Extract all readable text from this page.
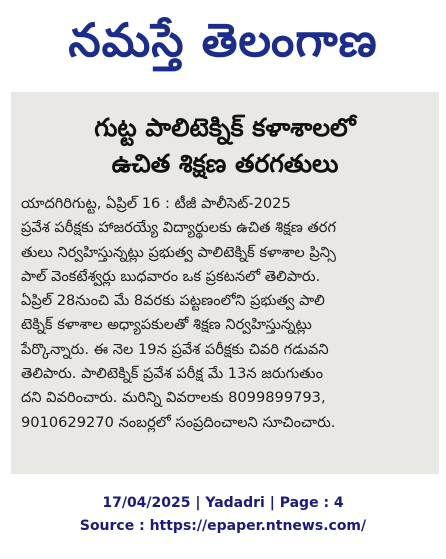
నమస్తే తెలంగాణ
గుట్ట పాలిటెక్నిక్ కళాశాలలో
ఉచిత శిక్షణ తరగతులు
యాదగిరిగుట్ట, ఏప్రిల్ 16 : టీజీ పాలీసెట్-2025
ప్రవేశ పరీక్షకు హాజరయ్యే విద్యార్థులకు ఉచిత శిక్షణ తరగ
తులు నిర్వహిస్తున్నట్లు ప్రభుత్వ పాలిటెక్నిక్ కళాశాల ప్రిన్సి
పాల్ వెంకటేశ్వర్లు బుధవారం ఒక ప్రకటనలో తెలిపారు.
ఏప్రిల్ 28నుంచి మే 8వరకు పట్టణంలోని ప్రభుత్వ పాలి
టెక్నిక్ కళాశాల అధ్యాపకులతో శిక్షణ నిర్వహిస్తున్నట్లు
పేర్కొన్నారు. ఈ నెల 19న ప్రవేశ పరీక్షకు చివరి గడువని
తెలిపారు. పాలిటెక్నిక్ ప్రవేశ పరీక్ష మే 13న జరుగుతుం
దని వివరించారు. మరిన్ని వివరాలకు 8099899793,
9010629270 నంబర్లలో సంప్రదించాలని సూచించారు.
17/04/2025 | Yadadri | Page : 4
Source : https://epaper.ntnews.com/
